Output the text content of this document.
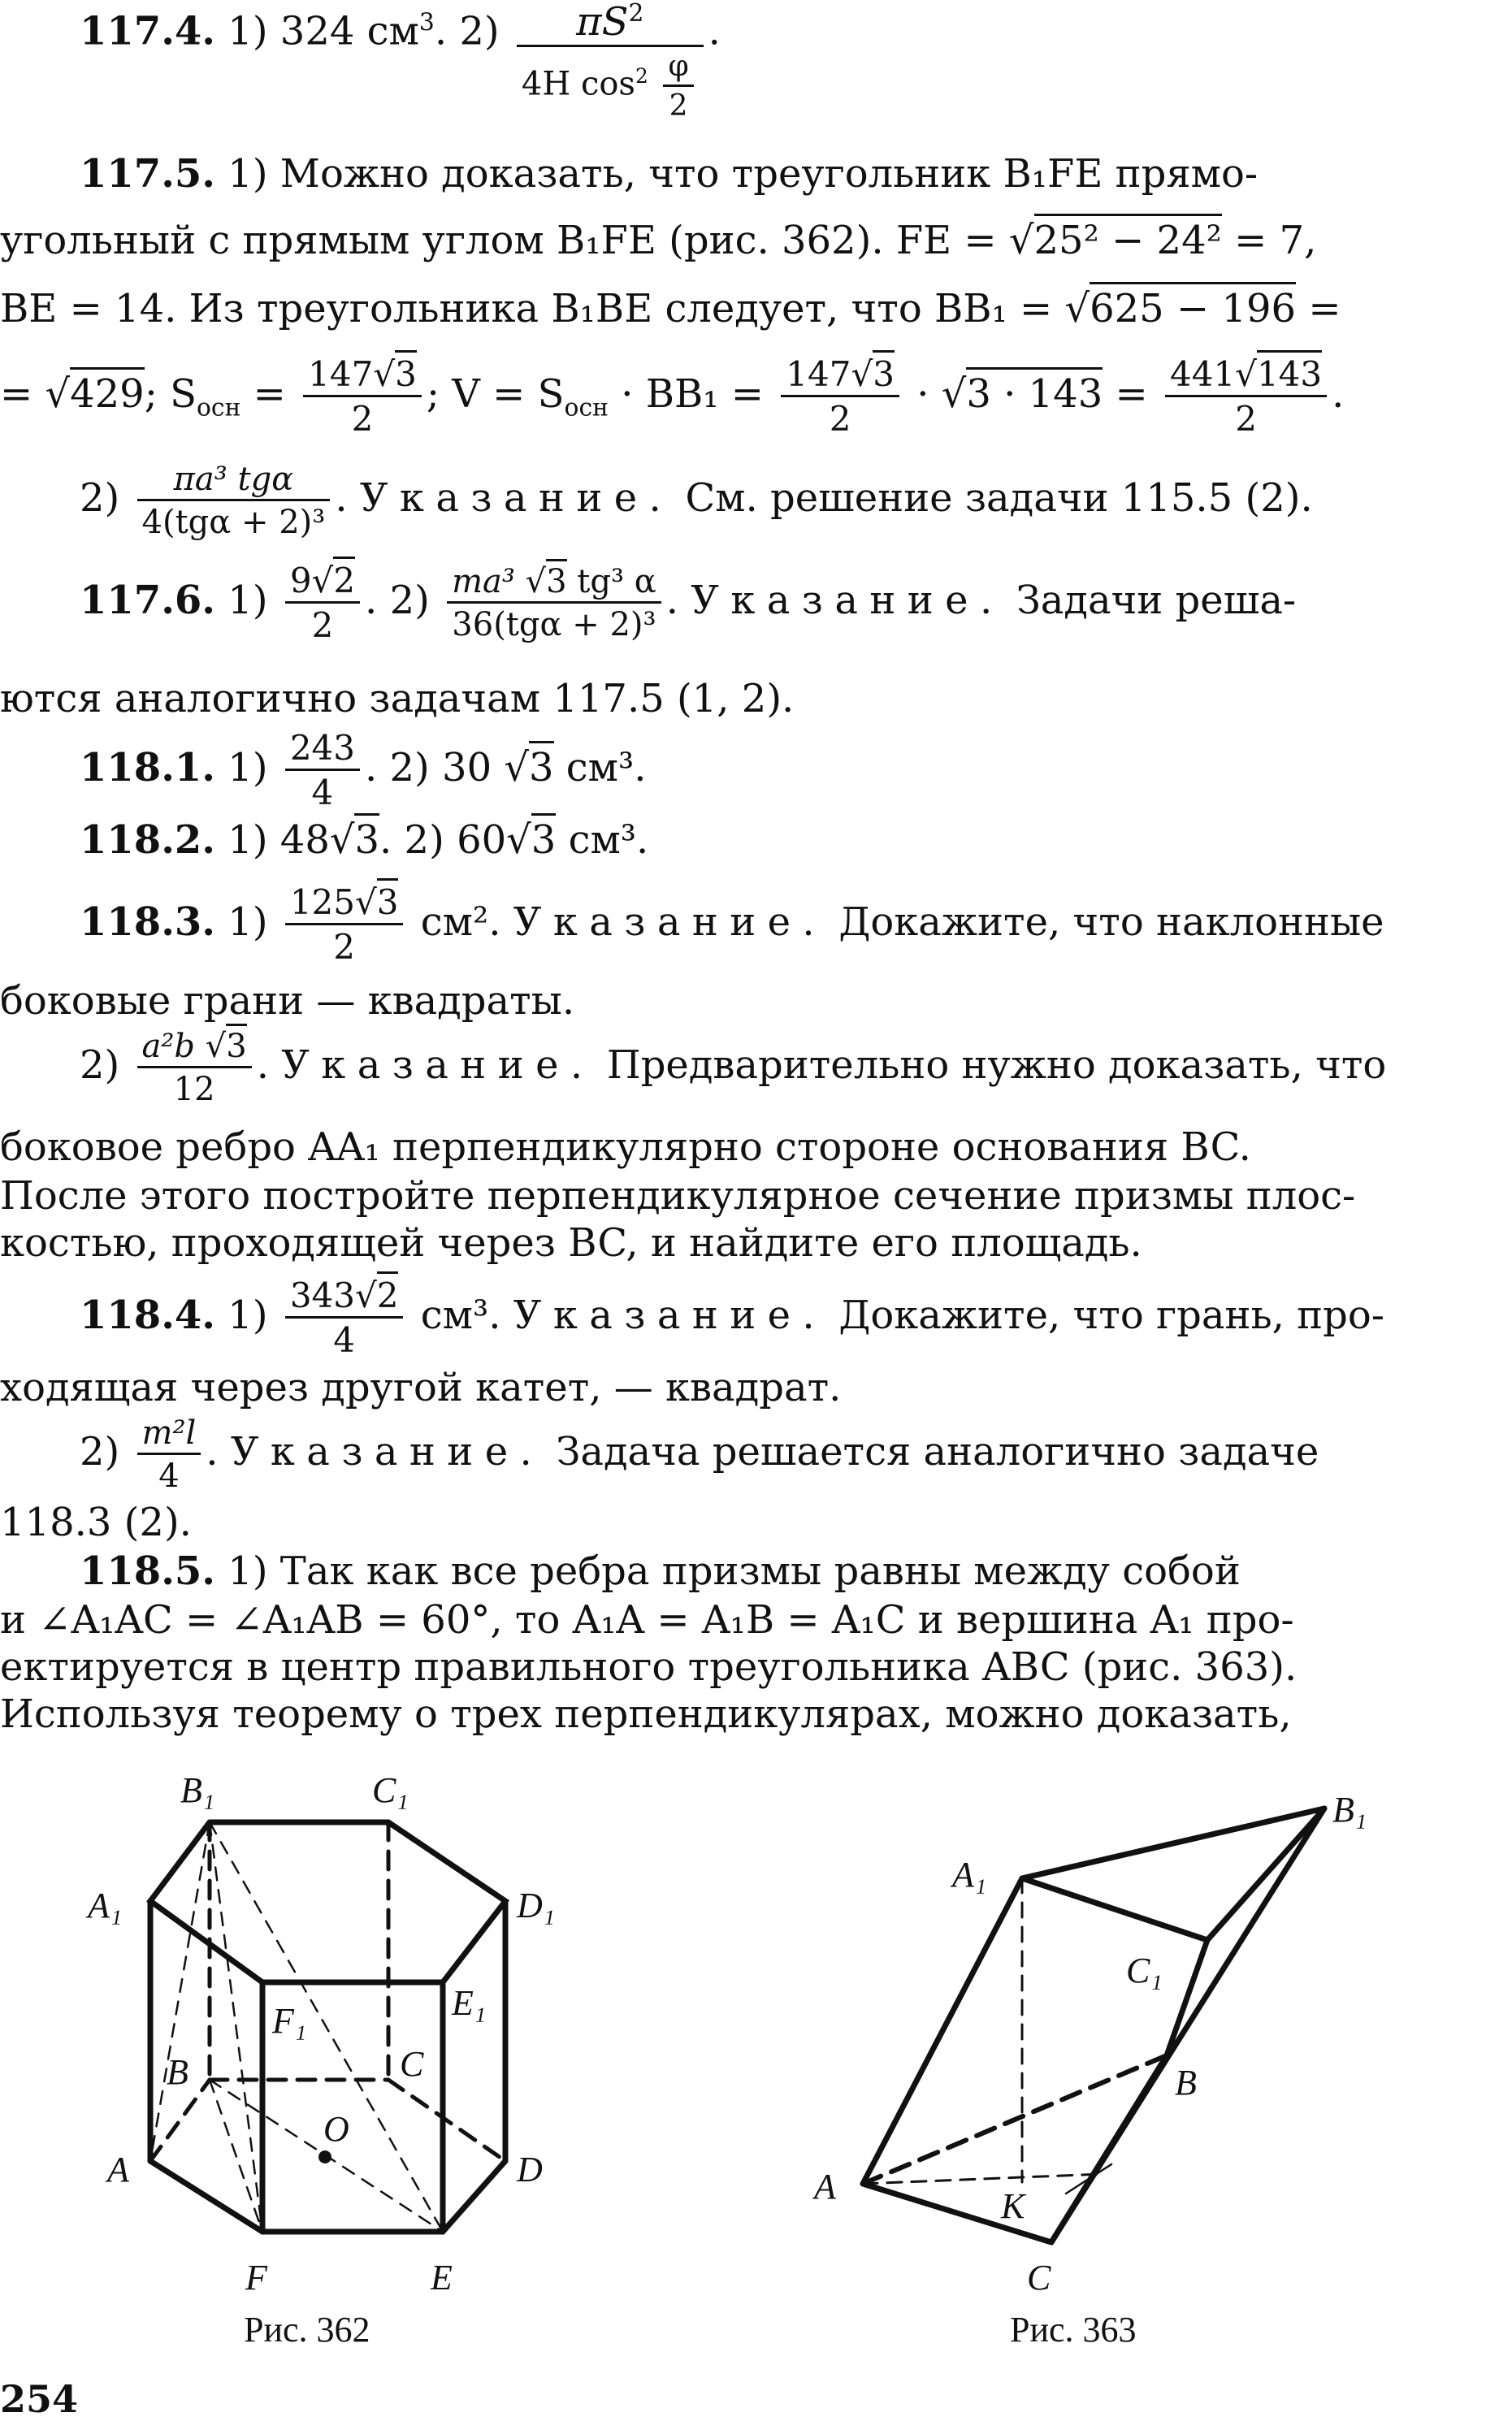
117.4. 1) 324 $см^3$. 2)	$\pi S^2$
4H $\cos^2 \frac{\varphi}{2}$
.
117.5. 1) Можно доказать, что треугольник B₁FE прямо-
угольный с прямым углом B₁FE (рис. 362). FE = √25² − 24² = 7,
BE = 14. Из треугольника B₁BE следует, что BB₁ = √625 − 196 =
= √429; $S_{осн} = \frac{147√3}{2}$ ; $V = S_{осн} \cdot BB_1 = \frac{147√3}{2} \cdot √3 \cdot 143 = \frac{441√143}{2}$ .
2)	πa³ tgα
4(tgα + 2)³
. Указание. См. решение задачи 115.5 (2).
117.6. $1) \frac{9√2}{2}$ . 2) ma³ √3 tg³ α
36(tgα + 2)³
. Указание. Задачи реша-
ются аналогично задачам 117.5 (1, 2).
118.1. $1) \frac{243}{4}$ . 2) 30 √3 см³.
118.2. 1) 48√3. 2) 60√3 см³.
118.3. $1) \frac{125√3}{2} см^2$. Указание. Докажите, что наклонные
боковые грани — квадраты.
$2) \frac{\text{a²b √3}}{12}$ . Указание. Предварительно нужно доказать, что
боковое ребро AA₁ перпендикулярно стороне основания BC.
После этого постройте перпендикулярное сечение призмы плос-
костью, проходящей через BC, и найдите его площадь.
118.4. $1) \frac{343√2}{4} см^3$. Указание. Докажите, что грань, про-
ходящая через другой катет, — квадрат.
$2) \frac{\text{m²l}}{4}$ . Указание. Задача решается аналогично задаче
118.3 (2).
118.5. 1) Так как все ребра призмы равны между собой
и ∠A₁AC = ∠A₁AB = 60°, то A₁A = A₁B = A₁C и вершина A₁ про-
ектируется в центр правильного треугольника ABC (рис. 363).
Используя теорему о трех перпендикулярах, можно доказать,
B₁	C₁
A₁	D₁
E₁
F₁
B	C
O
A	D
F	E
Рис. 362
B₁
A₁
C₁
B
A	K
C
Рис. 363
254
